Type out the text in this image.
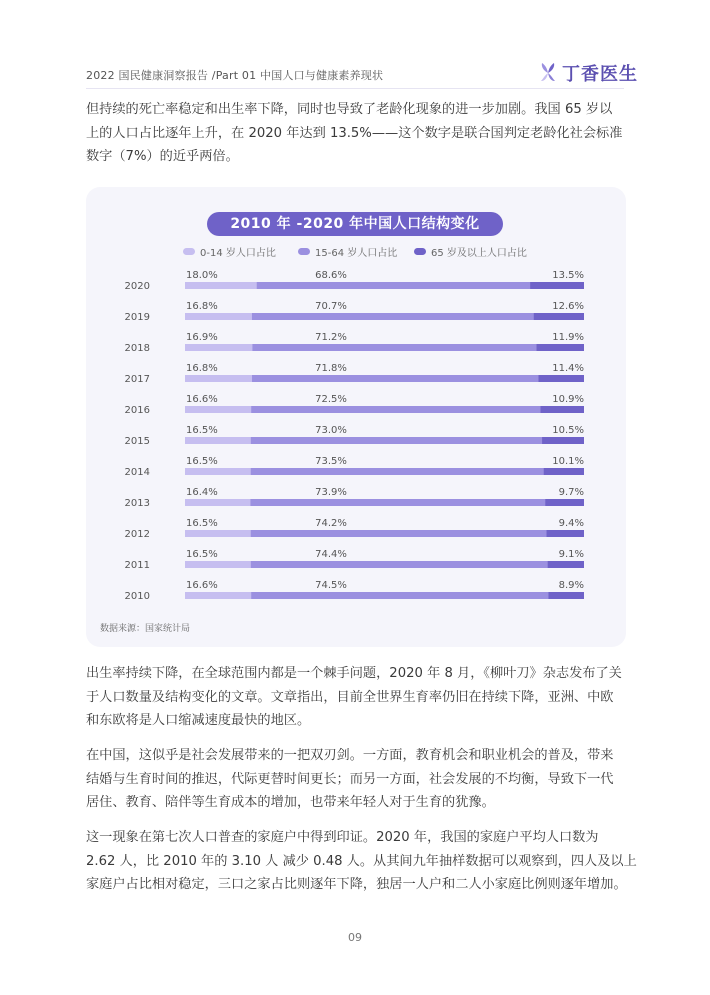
2022 国民健康洞察报告 /Part 01 中国人口与健康素养现状	丁香医生
但持续的死亡率稳定和出生率下降，同时也导致了老龄化现象的进一步加剧。我国 65 岁以
上的人口占比逐年上升，在 2020 年达到 13.5%——这个数字是联合国判定老龄化社会标准
数字（7%）的近乎两倍。
2010 年 -2020 年中国人口结构变化
0-14 岁人口占比	15-64 岁人口占比	65 岁及以上人口占比
2020
18.0%	68.6%	13.5%
2019
16.8%	70.7%	12.6%
2018
16.9%	71.2%	11.9%
2017
16.8%	71.8%	11.4%
2016
16.6%	72.5%	10.9%
2015
16.5%	73.0%	10.5%
2014
16.5%	73.5%	10.1%
2013
16.4%	73.9%	9.7%
2012
16.5%	74.2%	9.4%
2011
16.5%	74.4%	9.1%
2010
16.6%	74.5%	8.9%
数据来源：国家统计局
出生率持续下降，在全球范围内都是一个棘手问题，2020 年 8 月，《柳叶刀》杂志发布了关
于人口数量及结构变化的文章。文章指出，目前全世界生育率仍旧在持续下降，亚洲、中欧
和东欧将是人口缩减速度最快的地区。
在中国，这似乎是社会发展带来的一把双刃剑。一方面，教育机会和职业机会的普及，带来
结婚与生育时间的推迟，代际更替时间更长；而另一方面，社会发展的不均衡，导致下一代
居住、教育、陪伴等生育成本的增加，也带来年轻人对于生育的犹豫。
这一现象在第七次人口普查的家庭户中得到印证。2020 年，我国的家庭户平均人口数为
2.62 人，比 2010 年的 3.10 人 减少 0.48 人。从其间九年抽样数据可以观察到，四人及以上
家庭户占比相对稳定，三口之家占比则逐年下降，独居一人户和二人小家庭比例则逐年增加。
09
